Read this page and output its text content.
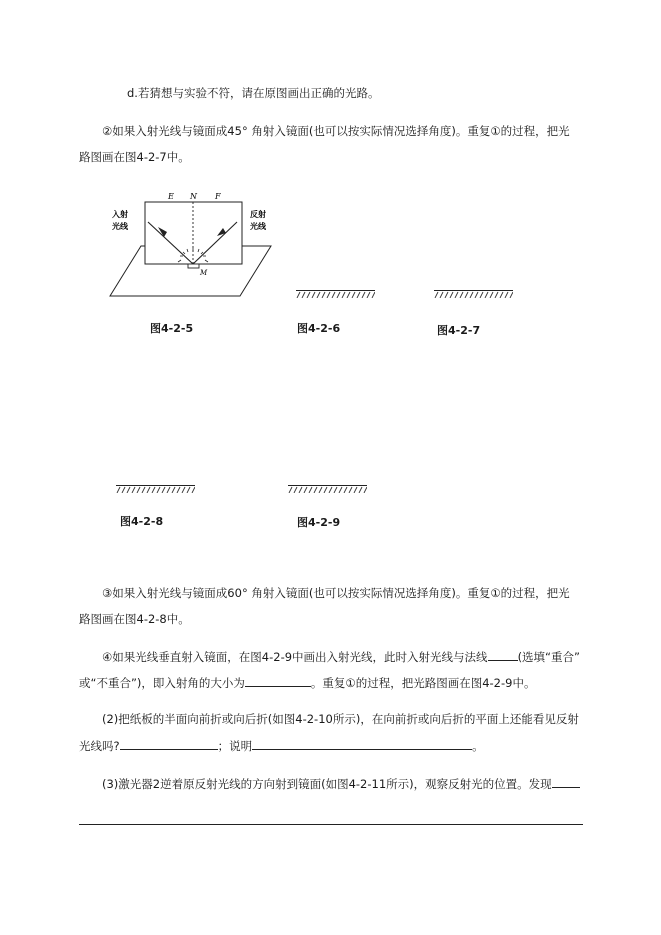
d.若猜想与实验不符，请在原图画出正确的光路。
②如果入射光线与镜面成45° 角射入镜面(也可以按实际情况选择角度)。重复①的过程，把光
路图画在图4-2-7中。
E N F
M
入射
光线
反射
光线
图4-2-5	图4-2-6	图4-2-7
图4-2-8	图4-2-9
③如果入射光线与镜面成60° 角射入镜面(也可以按实际情况选择角度)。重复①的过程，把光
路图画在图4-2-8中。
④如果光线垂直射入镜面，在图4-2-9中画出入射光线，此时入射光线与法线	(选填“重合”
或“不重合”)，即入射角的大小为	。重复①的过程，把光路图画在图4-2-9中。
(2)把纸板的半面向前折或向后折(如图4-2-10所示)，在向前折或向后折的平面上还能看见反射
光线吗?	；说明	。
(3)激光器2逆着原反射光线的方向射到镜面(如图4-2-11所示)，观察反射光的位置。发现
